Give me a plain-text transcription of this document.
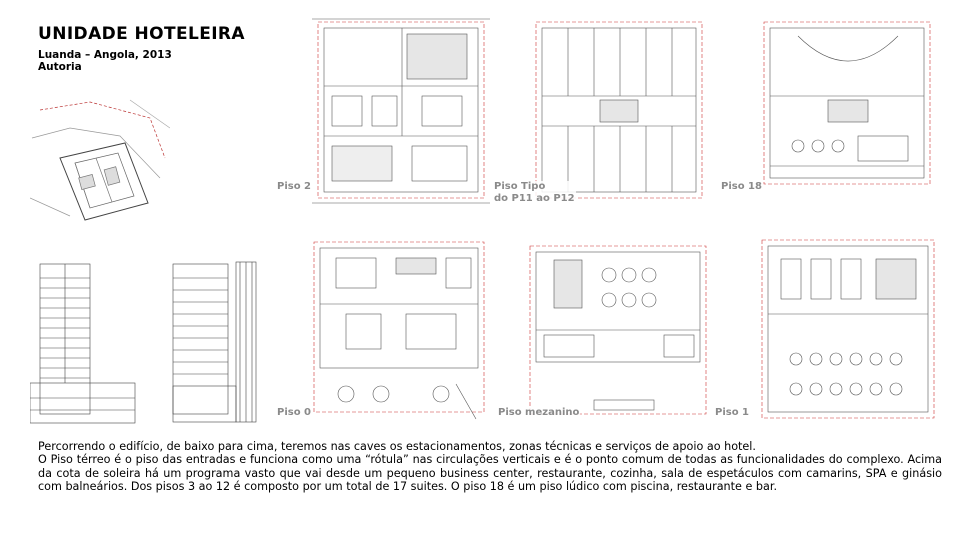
UNIDADE HOTELEIRA
Luanda – Angola, 2013
Autoria
Piso 2	Piso Tipo
do P11 ao P12
Piso 18
Piso 0	Piso mezanino	Piso 1

Percorrendo o edifício, de baixo para cima, teremos nas caves os estacionamentos, zonas técnicas e serviços de apoio ao hotel.

O Piso térreo é o piso das entradas e funciona como uma “rótula” nas circulações verticais e é o ponto comum de todas as funcionalidades do complexo. Acima da cota de soleira há um programa vasto que vai desde um pequeno business center, restaurante, cozinha, sala de espetáculos com camarins, SPA e ginásio com balneários. Dos pisos 3 ao 12 é composto por um total de 17 suites. O piso 18 é um piso lúdico com piscina, restaurante e bar.
